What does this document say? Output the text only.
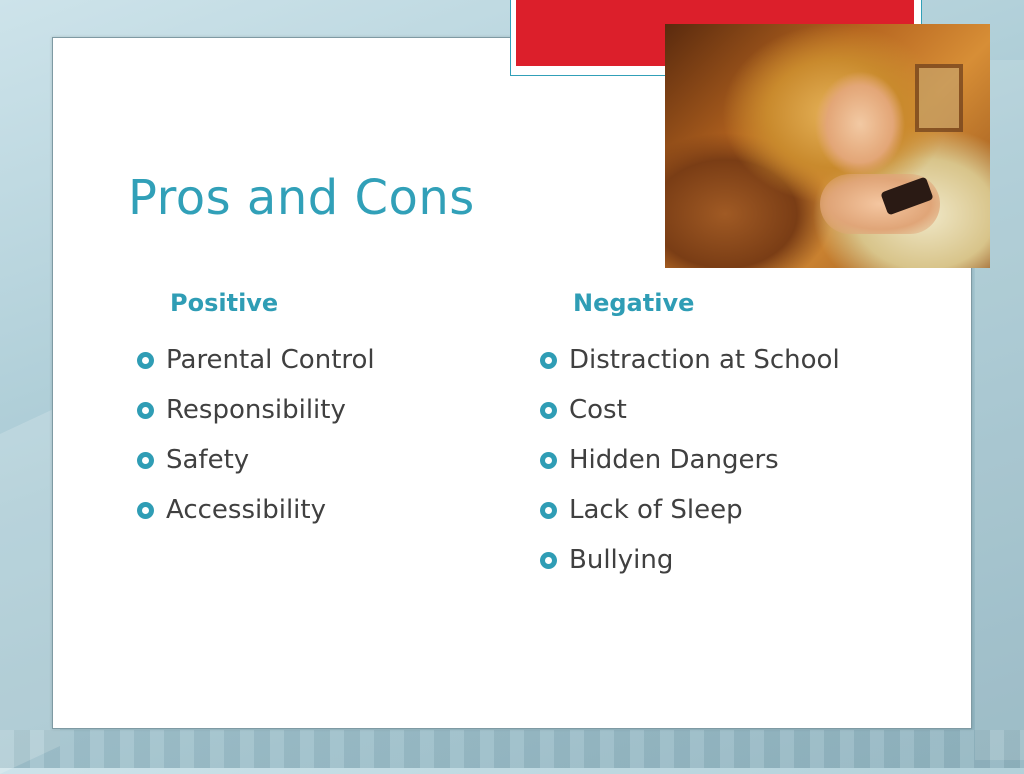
Pros and Cons
Positive	Negative
Parental Control
Responsibility
Safety
Accessibility
Distraction at School
Cost
Hidden Dangers
Lack of Sleep
Bullying
